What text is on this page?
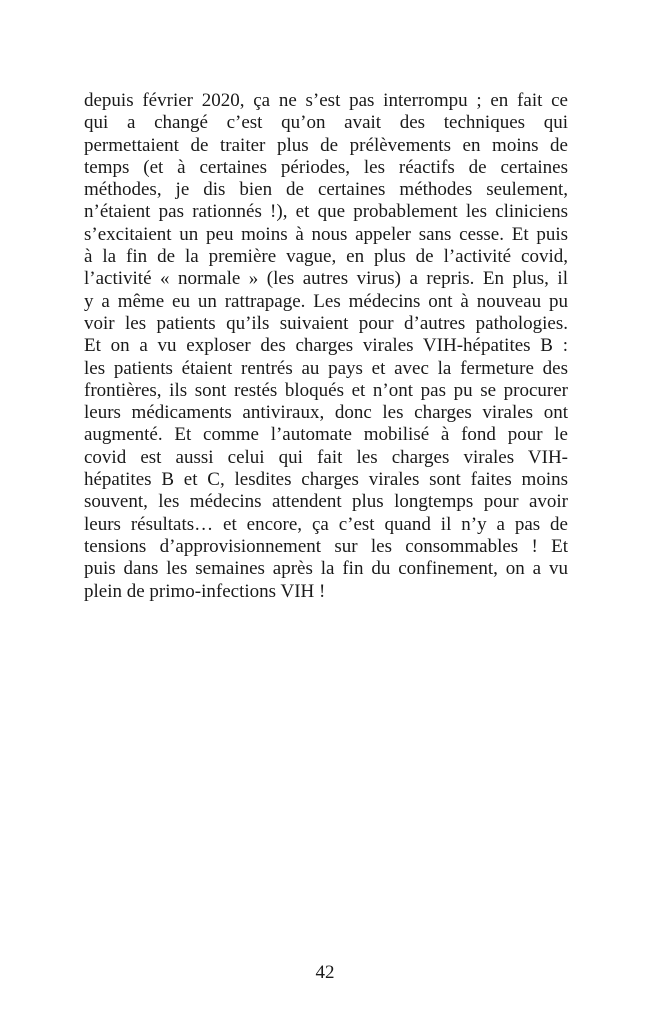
depuis février 2020, ça ne s’est pas interrompu ; en fait ce
qui a changé c’est qu’on avait des techniques qui
permettaient de traiter plus de prélèvements en moins de
temps (et à certaines périodes, les réactifs de certaines
méthodes, je dis bien de certaines méthodes seulement,
n’étaient pas rationnés !), et que probablement les cliniciens
s’excitaient un peu moins à nous appeler sans cesse. Et puis
à la fin de la première vague, en plus de l’activité covid,
l’activité « normale » (les autres virus) a repris. En plus, il
y a même eu un rattrapage. Les médecins ont à nouveau pu
voir les patients qu’ils suivaient pour d’autres pathologies.
Et on a vu exploser des charges virales VIH-hépatites B :
les patients étaient rentrés au pays et avec la fermeture des
frontières, ils sont restés bloqués et n’ont pas pu se procurer
leurs médicaments antiviraux, donc les charges virales ont
augmenté. Et comme l’automate mobilisé à fond pour le
covid est aussi celui qui fait les charges virales VIH-
hépatites B et C, lesdites charges virales sont faites moins
souvent, les médecins attendent plus longtemps pour avoir
leurs résultats… et encore, ça c’est quand il n’y a pas de
tensions d’approvisionnement sur les consommables ! Et
puis dans les semaines après la fin du confinement, on a vu
plein de primo-infections VIH !
42
